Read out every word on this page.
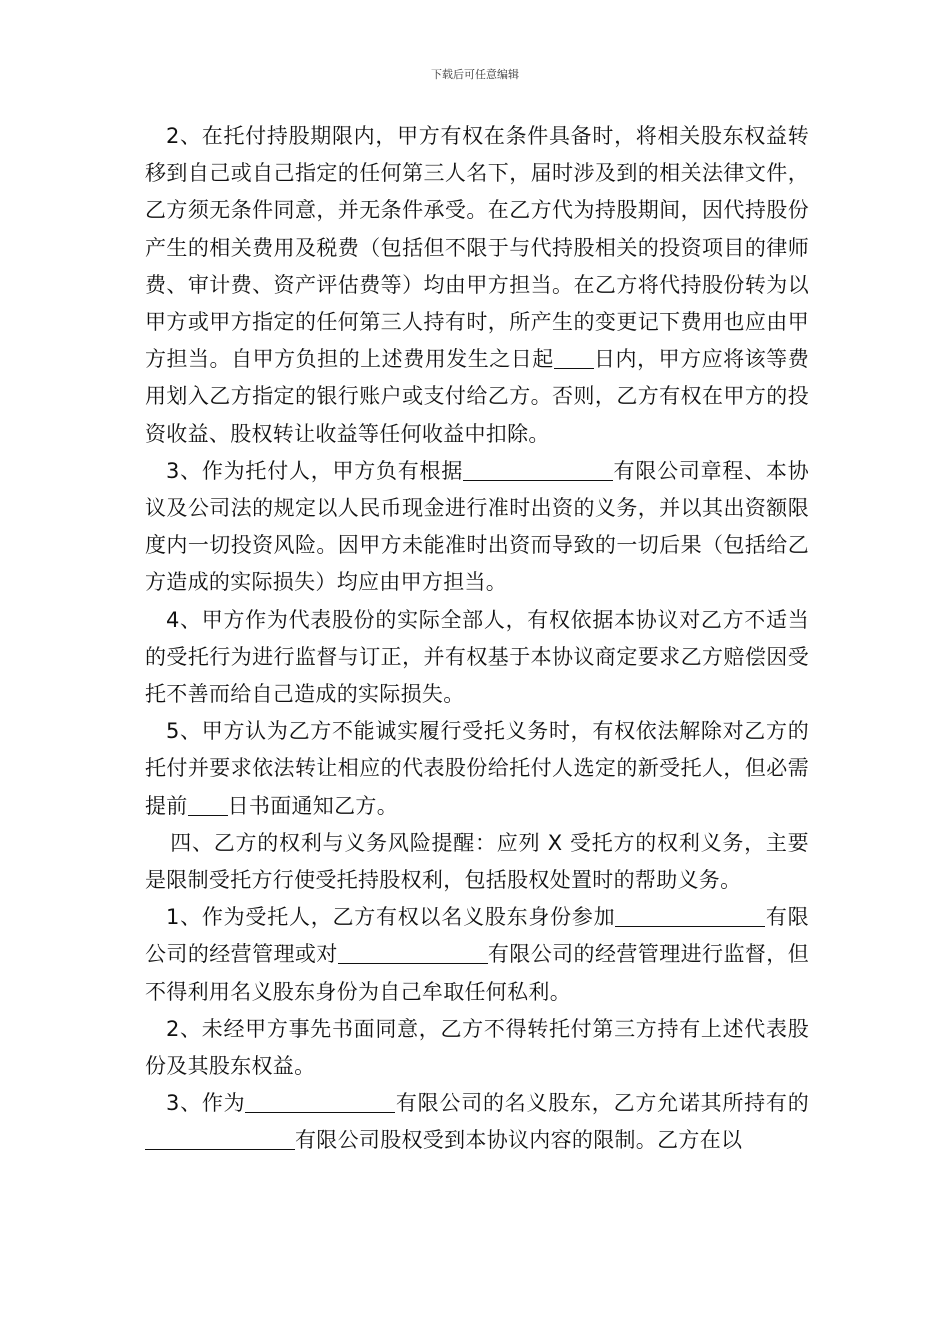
下载后可任意编辑

2、在托付持股期限内，甲方有权在条件具备时，将相关股东权益转移到自己或自己指定的任何第三人名下，届时涉及到的相关法律文件，乙方须无条件同意，并无条件承受。在乙方代为持股期间，因代持股份产生的相关费用及税费（包括但不限于与代持股相关的投资项目的律师费、审计费、资产评估费等）均由甲方担当。在乙方将代持股份转为以甲方或甲方指定的任何第三人持有时，所产生的变更记下费用也应由甲方担当。自甲方负担的上述费用发生之日起 日内，甲方应将该等费用划入乙方指定的银行账户或支付给乙方。否则，乙方有权在甲方的投资收益、股权转让收益等任何收益中扣除。

3、作为托付人，甲方负有根据	有限公司章程、本协议及公司法的规定以人民币现金进行准时出资的义务，并以其出资额限度内一切投资风险。因甲方未能准时出资而导致的一切后果（包括给乙方造成的实际损失）均应由甲方担当。

4、甲方作为代表股份的实际全部人，有权依据本协议对乙方不适当的受托行为进行监督与订正，并有权基于本协议商定要求乙方赔偿因受托不善而给自己造成的实际损失。

5、甲方认为乙方不能诚实履行受托义务时，有权依法解除对乙方的托付并要求依法转让相应的代表股份给托付人选定的新受托人，但必需提前 日书面通知乙方。

四、乙方的权利与义务风险提醒：应列 X 受托方的权利义务，主要是限制受托方行使受托持股权利，包括股权处置时的帮助义务。

1、作为受托人，乙方有权以名义股东身份参加	有限公司的经营管理或对	有限公司的经营管理进行监督，但不得利用名义股东身份为自己牟取任何私利。

2、未经甲方事先书面同意，乙方不得转托付第三方持有上述代表股份及其股东权益。

3、作为	有限公司的名义股东，乙方允诺其所持有的有限公司股权受到本协议内容的限制。乙方在以
